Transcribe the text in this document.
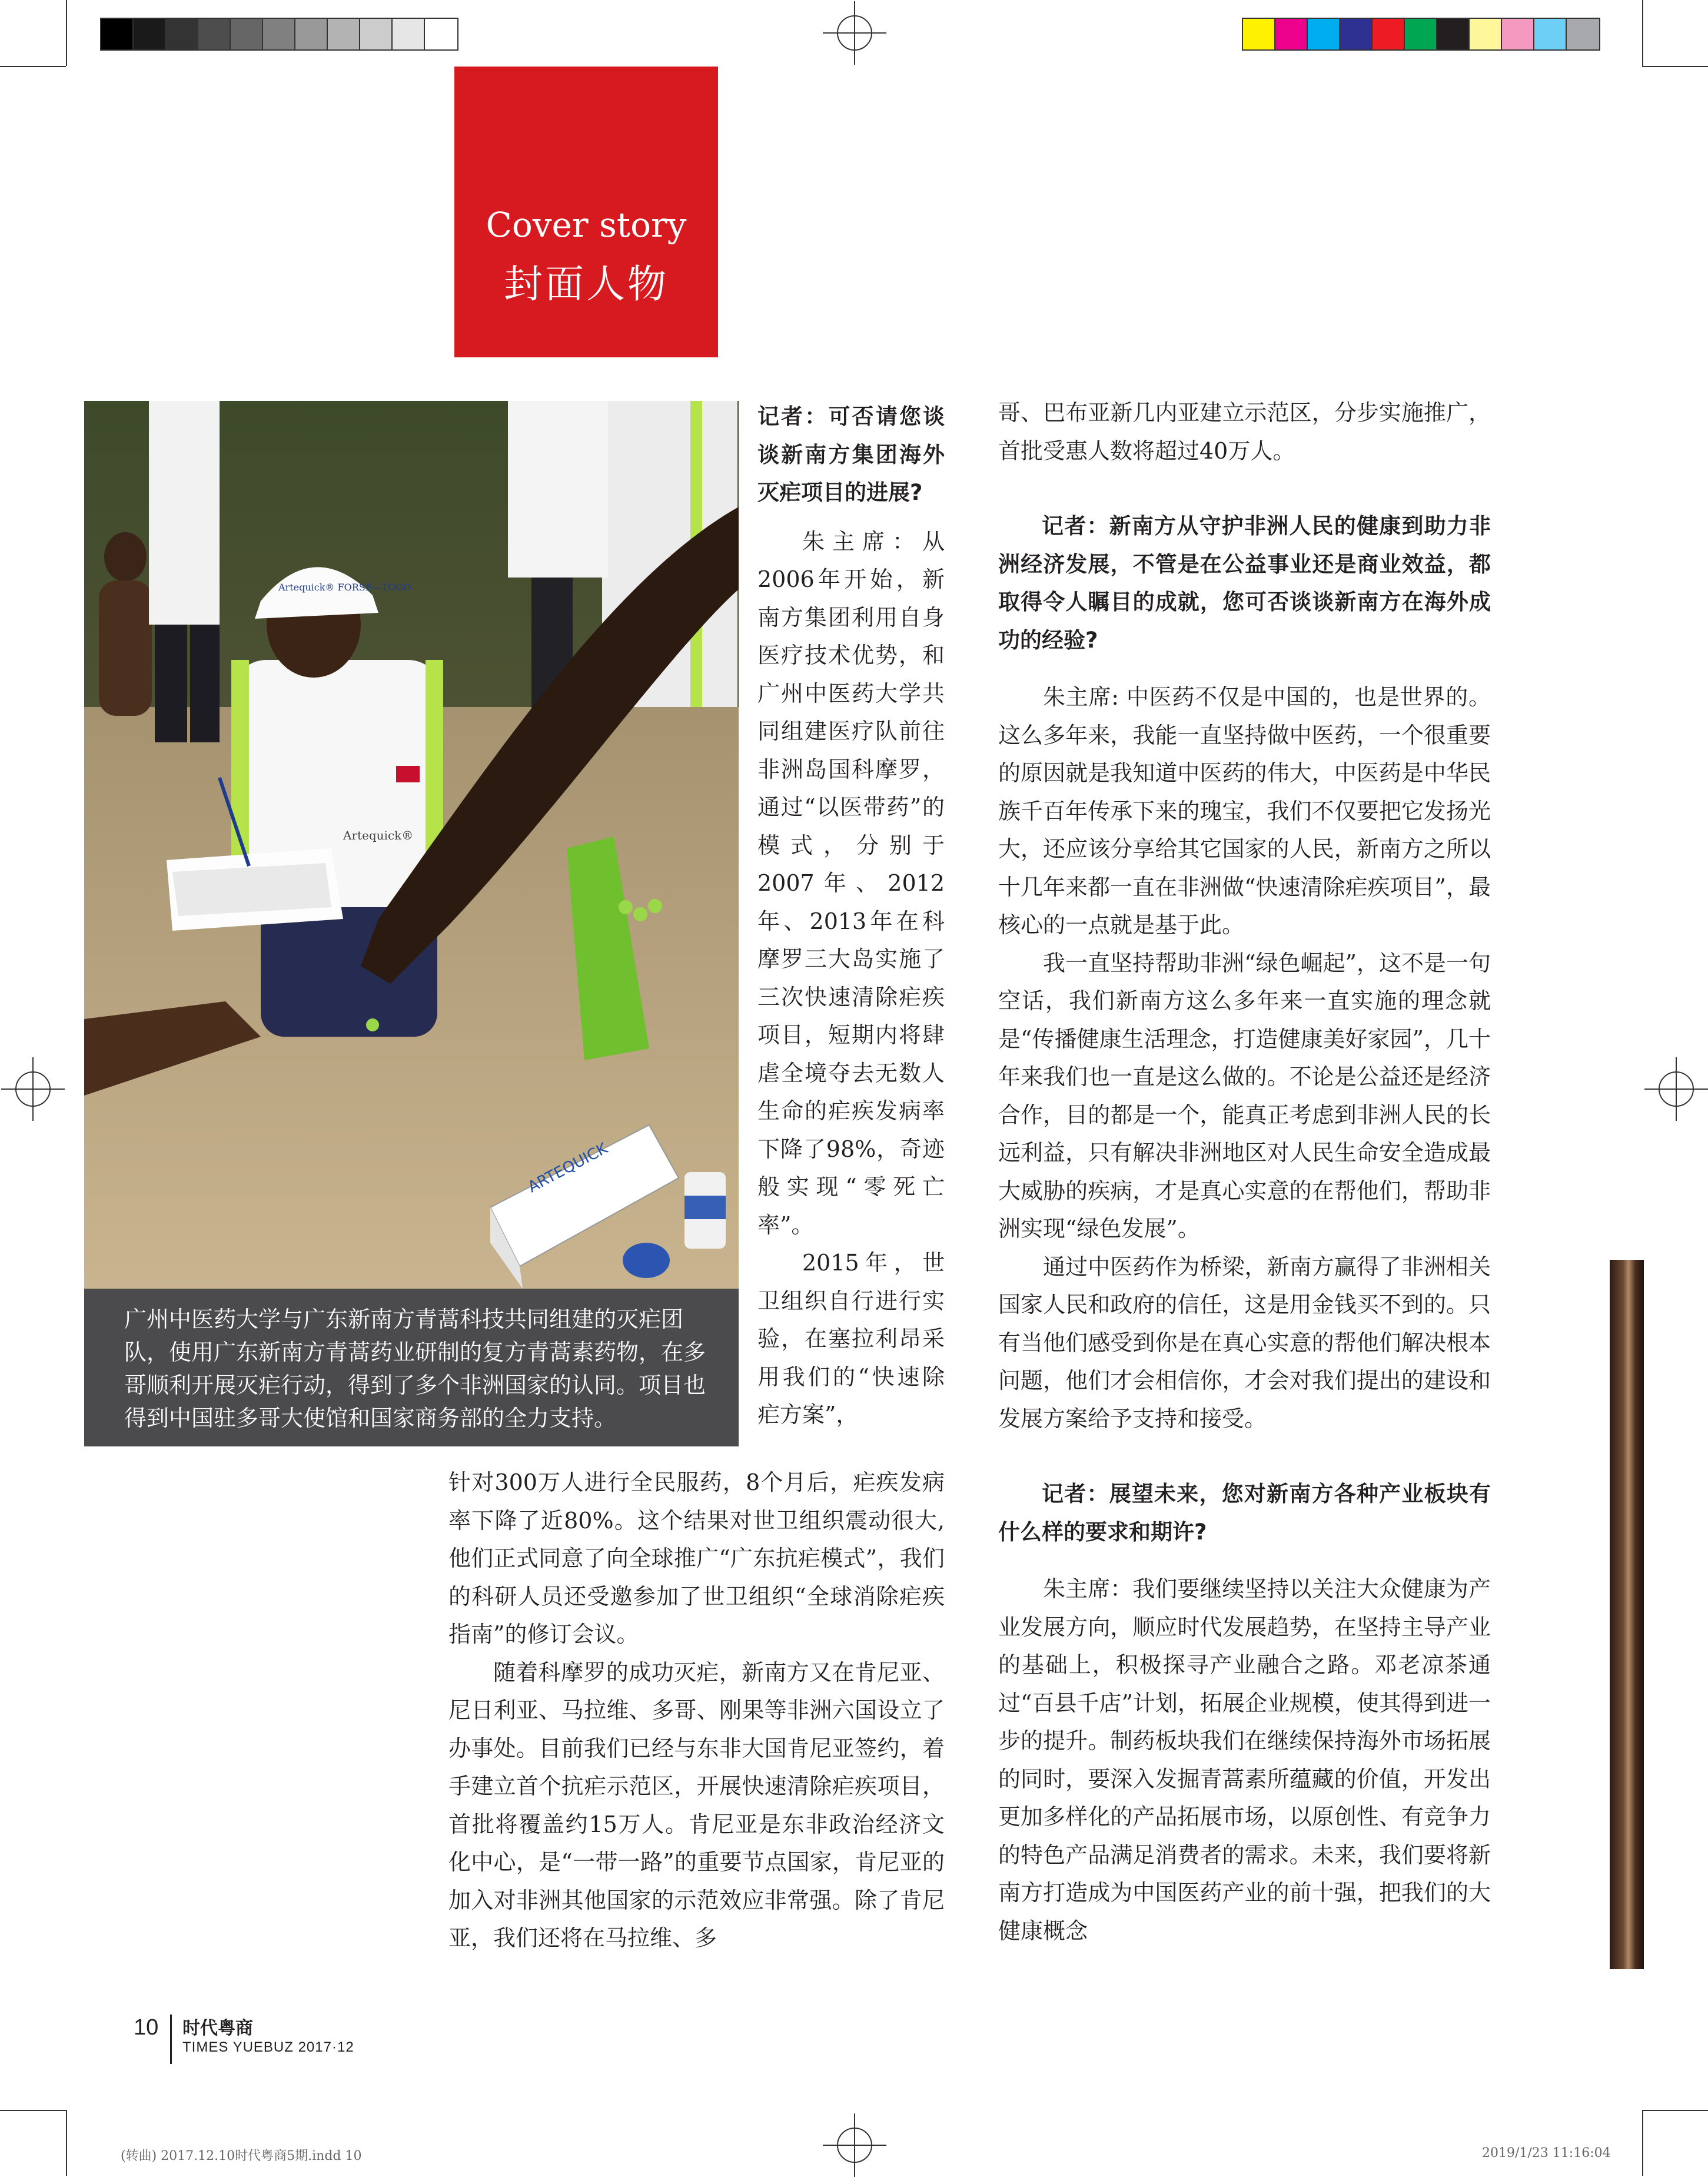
Cover story
封面人物
Artequick®
Artequick® FORSE—TOGO
ARTEQUICK

广州中医药大学与广东新南方青蒿科技共同组建的灭疟团队，使用广东新南方青蒿药业研制的复方青蒿素药物，在多哥顺利开展灭疟行动，得到了多个非洲国家的认同。项目也得到中国驻多哥大使馆和国家商务部的全力支持。

记者：可否请您谈谈新南方集团海外灭疟项目的进展?

朱主席：从2006年开始，新南方集团利用自身医疗技术优势，和广州中医药大学共同组建医疗队前往非洲岛国科摩罗，通过“以医带药”的模式，分别于2007年、2012年、2013年在科摩罗三大岛实施了三次快速清除疟疾项目，短期内将肆虐全境夺去无数人生命的疟疾发病率下降了98%，奇迹般实现“零死亡率”。

2015年，世卫组织自行进行实验，在塞拉利昂采用我们的“快速除疟方案”，

针对300万人进行全民服药，8个月后，疟疾发病率下降了近80%。这个结果对世卫组织震动很大,他们正式同意了向全球推广“广东抗疟模式”，我们的科研人员还受邀参加了世卫组织“全球消除疟疾指南”的修订会议。

随着科摩罗的成功灭疟，新南方又在肯尼亚、尼日利亚、马拉维、多哥、刚果等非洲六国设立了办事处。目前我们已经与东非大国肯尼亚签约，着手建立首个抗疟示范区，开展快速清除疟疾项目，首批将覆盖约15万人。肯尼亚是东非政治经济文化中心，是“一带一路”的重要节点国家，肯尼亚的加入对非洲其他国家的示范效应非常强。除了肯尼亚，我们还将在马拉维、多

哥、巴布亚新几内亚建立示范区，分步实施推广，首批受惠人数将超过40万人。

记者：新南方从守护非洲人民的健康到助力非洲经济发展，不管是在公益事业还是商业效益，都取得令人瞩目的成就，您可否谈谈新南方在海外成功的经验?

朱主席: 中医药不仅是中国的，也是世界的。这么多年来，我能一直坚持做中医药，一个很重要的原因就是我知道中医药的伟大，中医药是中华民族千百年传承下来的瑰宝，我们不仅要把它发扬光大，还应该分享给其它国家的人民，新南方之所以十几年来都一直在非洲做“快速清除疟疾项目”，最核心的一点就是基于此。

我一直坚持帮助非洲“绿色崛起”，这不是一句空话，我们新南方这么多年来一直实施的理念就是“传播健康生活理念，打造健康美好家园”，几十年来我们也一直是这么做的。不论是公益还是经济合作，目的都是一个，能真正考虑到非洲人民的长远利益，只有解决非洲地区对人民生命安全造成最大威胁的疾病，才是真心实意的在帮他们，帮助非洲实现“绿色发展”。

通过中医药作为桥梁，新南方赢得了非洲相关国家人民和政府的信任，这是用金钱买不到的。只有当他们感受到你是在真心实意的帮他们解决根本问题，他们才会相信你，才会对我们提出的建设和发展方案给予支持和接受。

记者：展望未来，您对新南方各种产业板块有什么样的要求和期许?

朱主席：我们要继续坚持以关注大众健康为产业发展方向，顺应时代发展趋势，在坚持主导产业的基础上，积极探寻产业融合之路。邓老凉茶通过“百县千店”计划，拓展企业规模，使其得到进一步的提升。制药板块我们在继续保持海外市场拓展的同时，要深入发掘青蒿素所蕴藏的价值，开发出更加多样化的产品拓展市场，以原创性、有竞争力的特色产品满足消费者的需求。未来，我们要将新南方打造成为中国医药产业的前十强，把我们的大健康概念

10 时代粤商
TIMES YUEBUZ 2017·12
(转曲) 2017.12.10时代粤商5期.indd 10	2019/1/23 11:16:04
